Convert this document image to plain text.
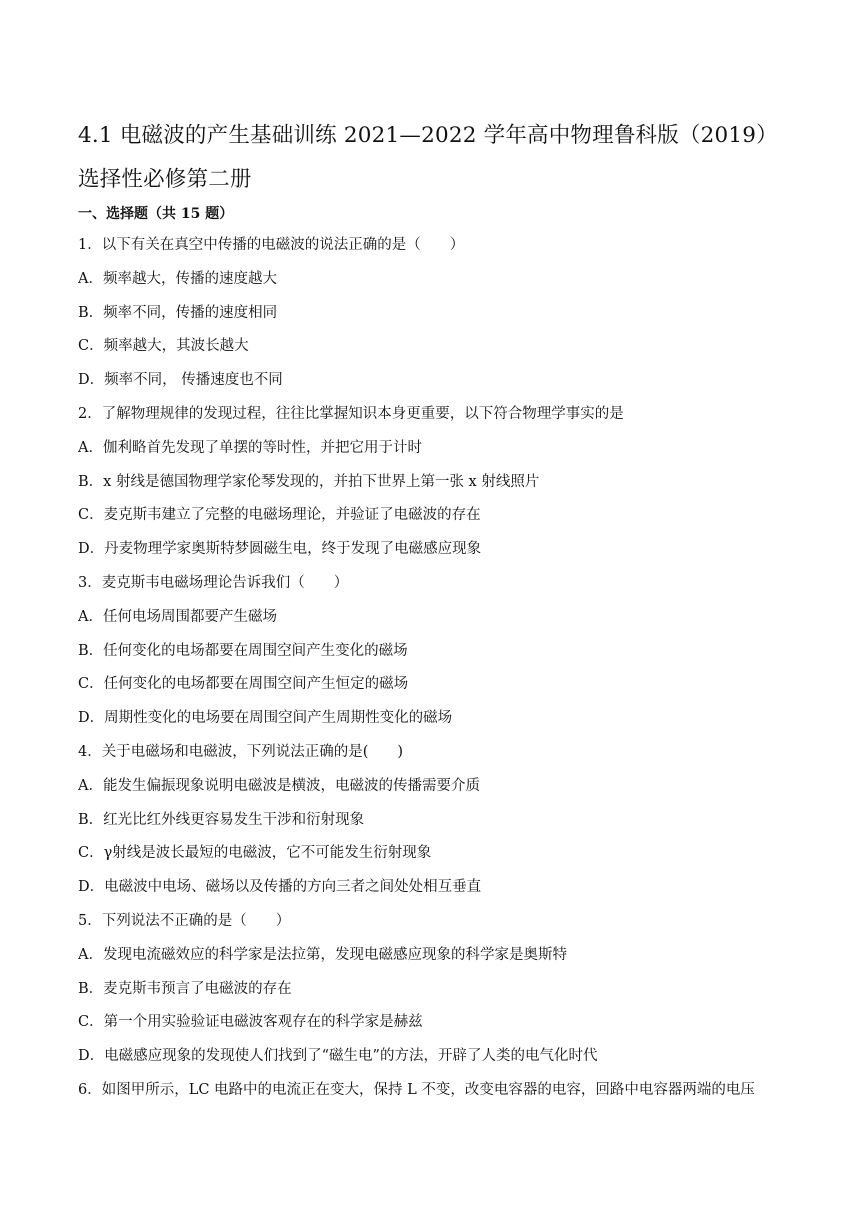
4.1 电磁波的产生基础训练 2021—2022 学年高中物理鲁科版（2019）
选择性必修第二册
一、选择题（共 15 题）
1．以下有关在真空中传播的电磁波的说法正确的是（　　）
A．频率越大，传播的速度越大
B．频率不同，传播的速度相同
C．频率越大，其波长越大
D．频率不同， 传播速度也不同
2．了解物理规律的发现过程，往往比掌握知识本身更重要，以下符合物理学事实的是
A．伽利略首先发现了单摆的等时性，并把它用于计时
B．x 射线是德国物理学家伦琴发现的，并拍下世界上第一张 x 射线照片
C．麦克斯韦建立了完整的电磁场理论，并验证了电磁波的存在
D．丹麦物理学家奥斯特梦圆磁生电，终于发现了电磁感应现象
3．麦克斯韦电磁场理论告诉我们（　　）
A．任何电场周围都要产生磁场
B．任何变化的电场都要在周围空间产生变化的磁场
C．任何变化的电场都要在周围空间产生恒定的磁场
D．周期性变化的电场要在周围空间产生周期性变化的磁场
4．关于电磁场和电磁波，下列说法正确的是(　　)
A．能发生偏振现象说明电磁波是横波，电磁波的传播需要介质
B．红光比红外线更容易发生干涉和衍射现象
C．γ射线是波长最短的电磁波，它不可能发生衍射现象
D．电磁波中电场、磁场以及传播的方向三者之间处处相互垂直
5．下列说法不正确的是（　　）
A．发现电流磁效应的科学家是法拉第，发现电磁感应现象的科学家是奥斯特
B．麦克斯韦预言了电磁波的存在
C．第一个用实验验证电磁波客观存在的科学家是赫兹
D．电磁感应现象的发现使人们找到了“磁生电”的方法，开辟了人类的电气化时代
6．如图甲所示，LC 电路中的电流正在变大，保持 L 不变，改变电容器的电容，回路中电容器两端的电压
